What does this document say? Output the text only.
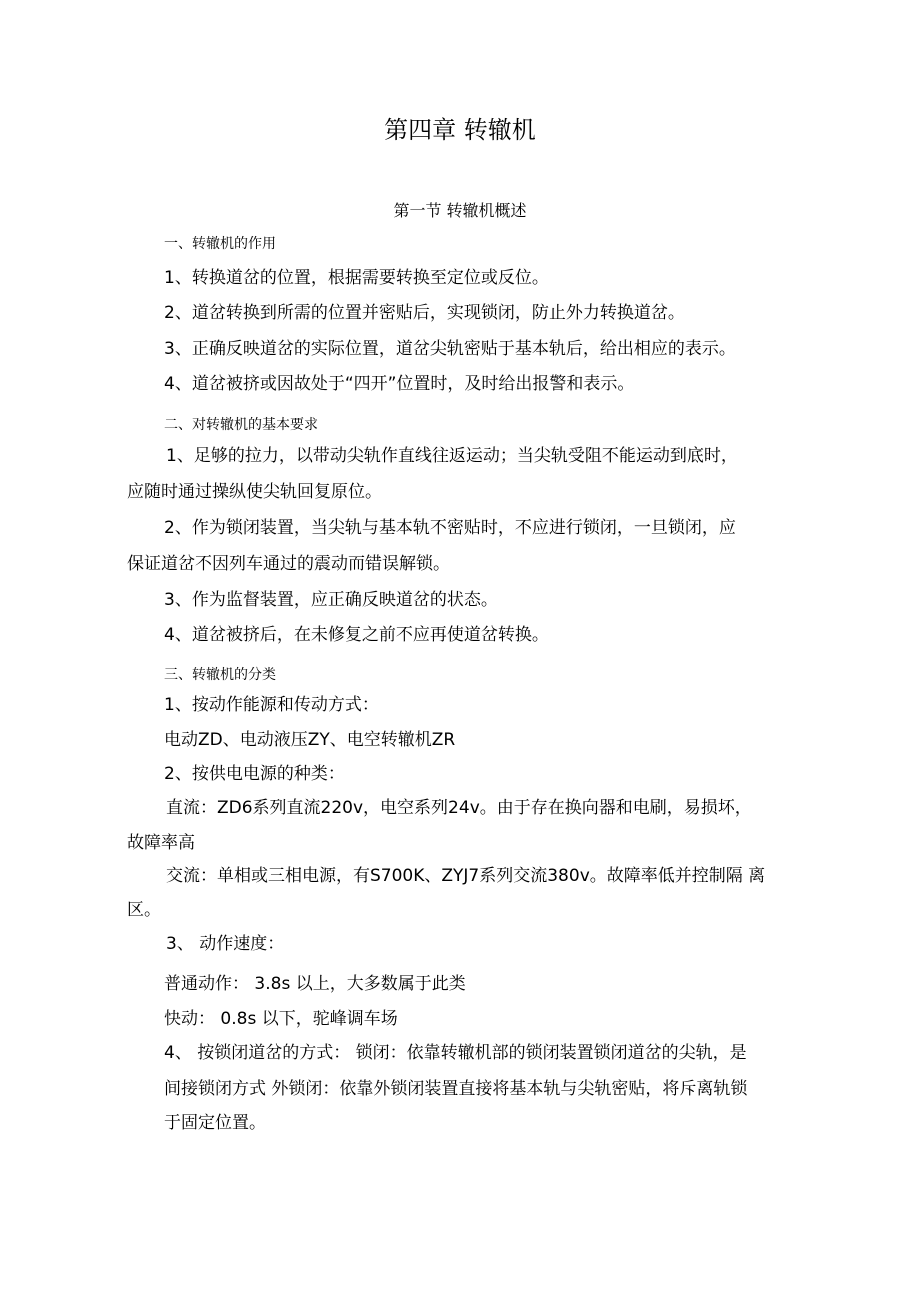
第四章 转辙机
第一节 转辙机概述
一、转辙机的作用
1、转换道岔的位置，根据需要转换至定位或反位。
2、道岔转换到所需的位置并密贴后，实现锁闭，防止外力转换道岔。
3、正确反映道岔的实际位置，道岔尖轨密贴于基本轨后，给出相应的表示。
4、道岔被挤或因故处于“四开”位置时，及时给出报警和表示。
二、对转辙机的基本要求
1、足够的拉力，以带动尖轨作直线往返运动；当尖轨受阻不能运动到底时，
应随时通过操纵使尖轨回复原位。
2、作为锁闭装置，当尖轨与基本轨不密贴时，不应进行锁闭，一旦锁闭，应
保证道岔不因列车通过的震动而错误解锁。
3、作为监督装置，应正确反映道岔的状态。
4、道岔被挤后，在未修复之前不应再使道岔转换。
三、转辙机的分类
1、按动作能源和传动方式：
电动ZD、电动液压ZY、电空转辙机ZR
2、按供电电源的种类：
直流：ZD6系列直流220v，电空系列24v。由于存在换向器和电刷，易损坏，
故障率高
交流：单相或三相电源，有S700K、ZYJ7系列交流380v。故障率低并控制隔 离
区。
3、 动作速度：
普通动作： 3.8s 以上，大多数属于此类
快动： 0.8s 以下，驼峰调车场
4、 按锁闭道岔的方式： 锁闭：依靠转辙机部的锁闭装置锁闭道岔的尖轨，是
间接锁闭方式 外锁闭：依靠外锁闭装置直接将基本轨与尖轨密贴，将斥离轨锁
于固定位置。
